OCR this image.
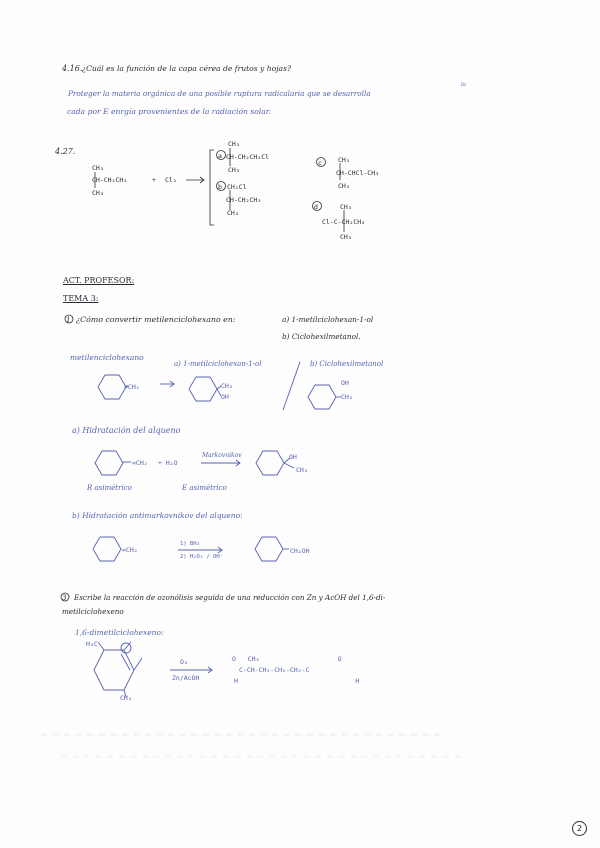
4.16. ¿Cuál es la función de la capa cérea de frutos y hojas?
Proteger la materia orgánica de una posible ruptura radicalaria que se desarrolla
la
cada por E enrgía provenientes de la radiación solar.
4.27.
CH₃
CH-CH₂CH₃
CH₃
+ Cl₂
a
CH₃
CH-CH₂CH₂Cl
CH₃
b CH₂Cl
CH-CH₂CH₃
CH₃
c CH₃
CH-CHCl-CH₃
CH₃
d	CH₃
Cl-C-CH₂CH₃
CH₃
ACT. PROFESOR:
TEMA 3:
1 ¿Cómo convertir metilenciclohexano en:	a) 1-metilciclohexan-1-ol
b) Ciclohexilmetanol.
metilenciclohexano
a) 1-metilciclohexan-1-ol	b) Ciclohexilmetanol
=CH₂	CH₃
OH
OH
CH₃
a) Hidratación del alqueno
=CH₂ + H₂O
Markovnikov	OH
CH₃
R asimétrico	E asimétrico
b) Hidratación antimarkovnikov del alqueno:
=CH₂
1) BH₃
2) H₂O₂ / OH⁻
CH₂OH
3 Escribe la reacción de ozonólisis seguida de una reducción con Zn y AcOH del 1,6-di-
metilciclohexeno
1,6-dimetilciclohexeno:
O₃
Zn/AcOH
O   CH₃                    O
C-CH-CH₂-CH₂-CH₂-C
H                              H
≈ ≈ ≈ ≈ ≈ ≈ ≈ ≈ ≈ ≈ ≈ ≈ ≈ ≈ ≈ ≈ ≈ ≈ ≈ ≈ ≈ ≈ ≈ ≈ ≈ ≈ ≈ ≈ ≈ ≈ ≈ ≈ ≈ ≈ ≈
~ ~ ~ ~ ~ ~ ~ ~ ~ ~ ~ ~ ~ ~ ~ ~ ~ ~ ~ ~ ~ ~ ~ ~ ~ ~ ~ ~ ~ ~ ~ ~ ~ ~ ~
H₃C
CH₃
2
